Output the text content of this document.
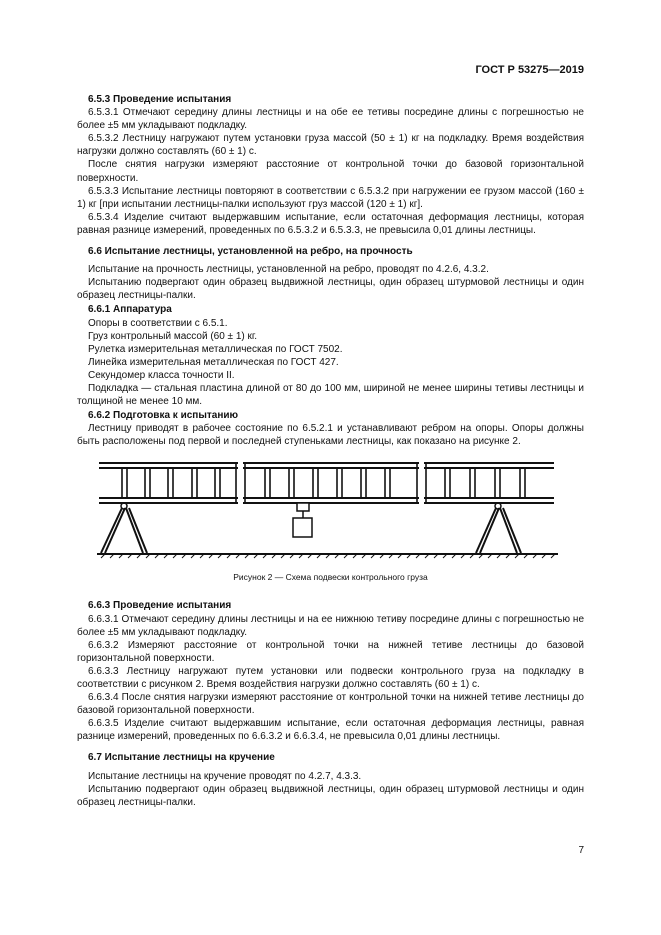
ГОСТ Р 53275—2019

6.5.3 Проведение испытания

6.5.3.1 Отмечают середину длины лестницы и на обе ее тетивы посредине длины с погрешностью не более ±5 мм укладывают подкладку.

6.5.3.2 Лестницу нагружают путем установки груза массой (50 ± 1) кг на подкладку. Время воздействия нагрузки должно составлять (60 ± 1) с.

После снятия нагрузки измеряют расстояние от контрольной точки до базовой горизонтальной поверхности.

6.5.3.3 Испытание лестницы повторяют в соответствии с 6.5.3.2 при нагружении ее грузом массой (160 ± 1) кг [при испытании лестницы-палки используют груз массой (120 ± 1) кг].

6.5.3.4 Изделие считают выдержавшим испытание, если остаточная деформация лестницы, которая равная разнице измерений, проведенных по 6.5.3.2 и 6.5.3.3, не превысила 0,01 длины лестницы.

6.6 Испытание лестницы, установленной на ребро, на прочность

Испытание на прочность лестницы, установленной на ребро, проводят по 4.2.6, 4.3.2.

Испытанию подвергают один образец выдвижной лестницы, один образец штурмовой лестницы и один образец лестницы-палки.

6.6.1 Аппаратура

Опоры в соответствии с 6.5.1.

Груз контрольный массой (60 ± 1) кг.

Рулетка измерительная металлическая по ГОСТ 7502.

Линейка измерительная металлическая по ГОСТ 427.

Секундомер класса точности II.

Подкладка — стальная пластина длиной от 80 до 100 мм, шириной не менее ширины тетивы лестницы и толщиной не менее 10 мм.

6.6.2 Подготовка к испытанию

Лестницу приводят в рабочее состояние по 6.5.2.1 и устанавливают ребром на опоры. Опоры должны быть расположены под первой и последней ступеньками лестницы, как показано на рисунке 2.

Рисунок 2 — Схема подвески контрольного груза

6.6.3 Проведение испытания

6.6.3.1 Отмечают середину длины лестницы и на ее нижнюю тетиву посредине длины с погрешностью не более ±5 мм укладывают подкладку.

6.6.3.2 Измеряют расстояние от контрольной точки на нижней тетиве лестницы до базовой горизонтальной поверхности.

6.6.3.3 Лестницу нагружают путем установки или подвески контрольного груза на подкладку в соответствии с рисунком 2. Время воздействия нагрузки должно составлять (60 ± 1) с.

6.6.3.4 После снятия нагрузки измеряют расстояние от контрольной точки на нижней тетиве лестницы до базовой горизонтальной поверхности.

6.6.3.5 Изделие считают выдержавшим испытание, если остаточная деформация лестницы, равная разнице измерений, проведенных по 6.6.3.2 и 6.6.3.4, не превысила 0,01 длины лестницы.

6.7 Испытание лестницы на кручение

Испытание лестницы на кручение проводят по 4.2.7, 4.3.3.

Испытанию подвергают один образец выдвижной лестницы, один образец штурмовой лестницы и один образец лестницы-палки.

7
